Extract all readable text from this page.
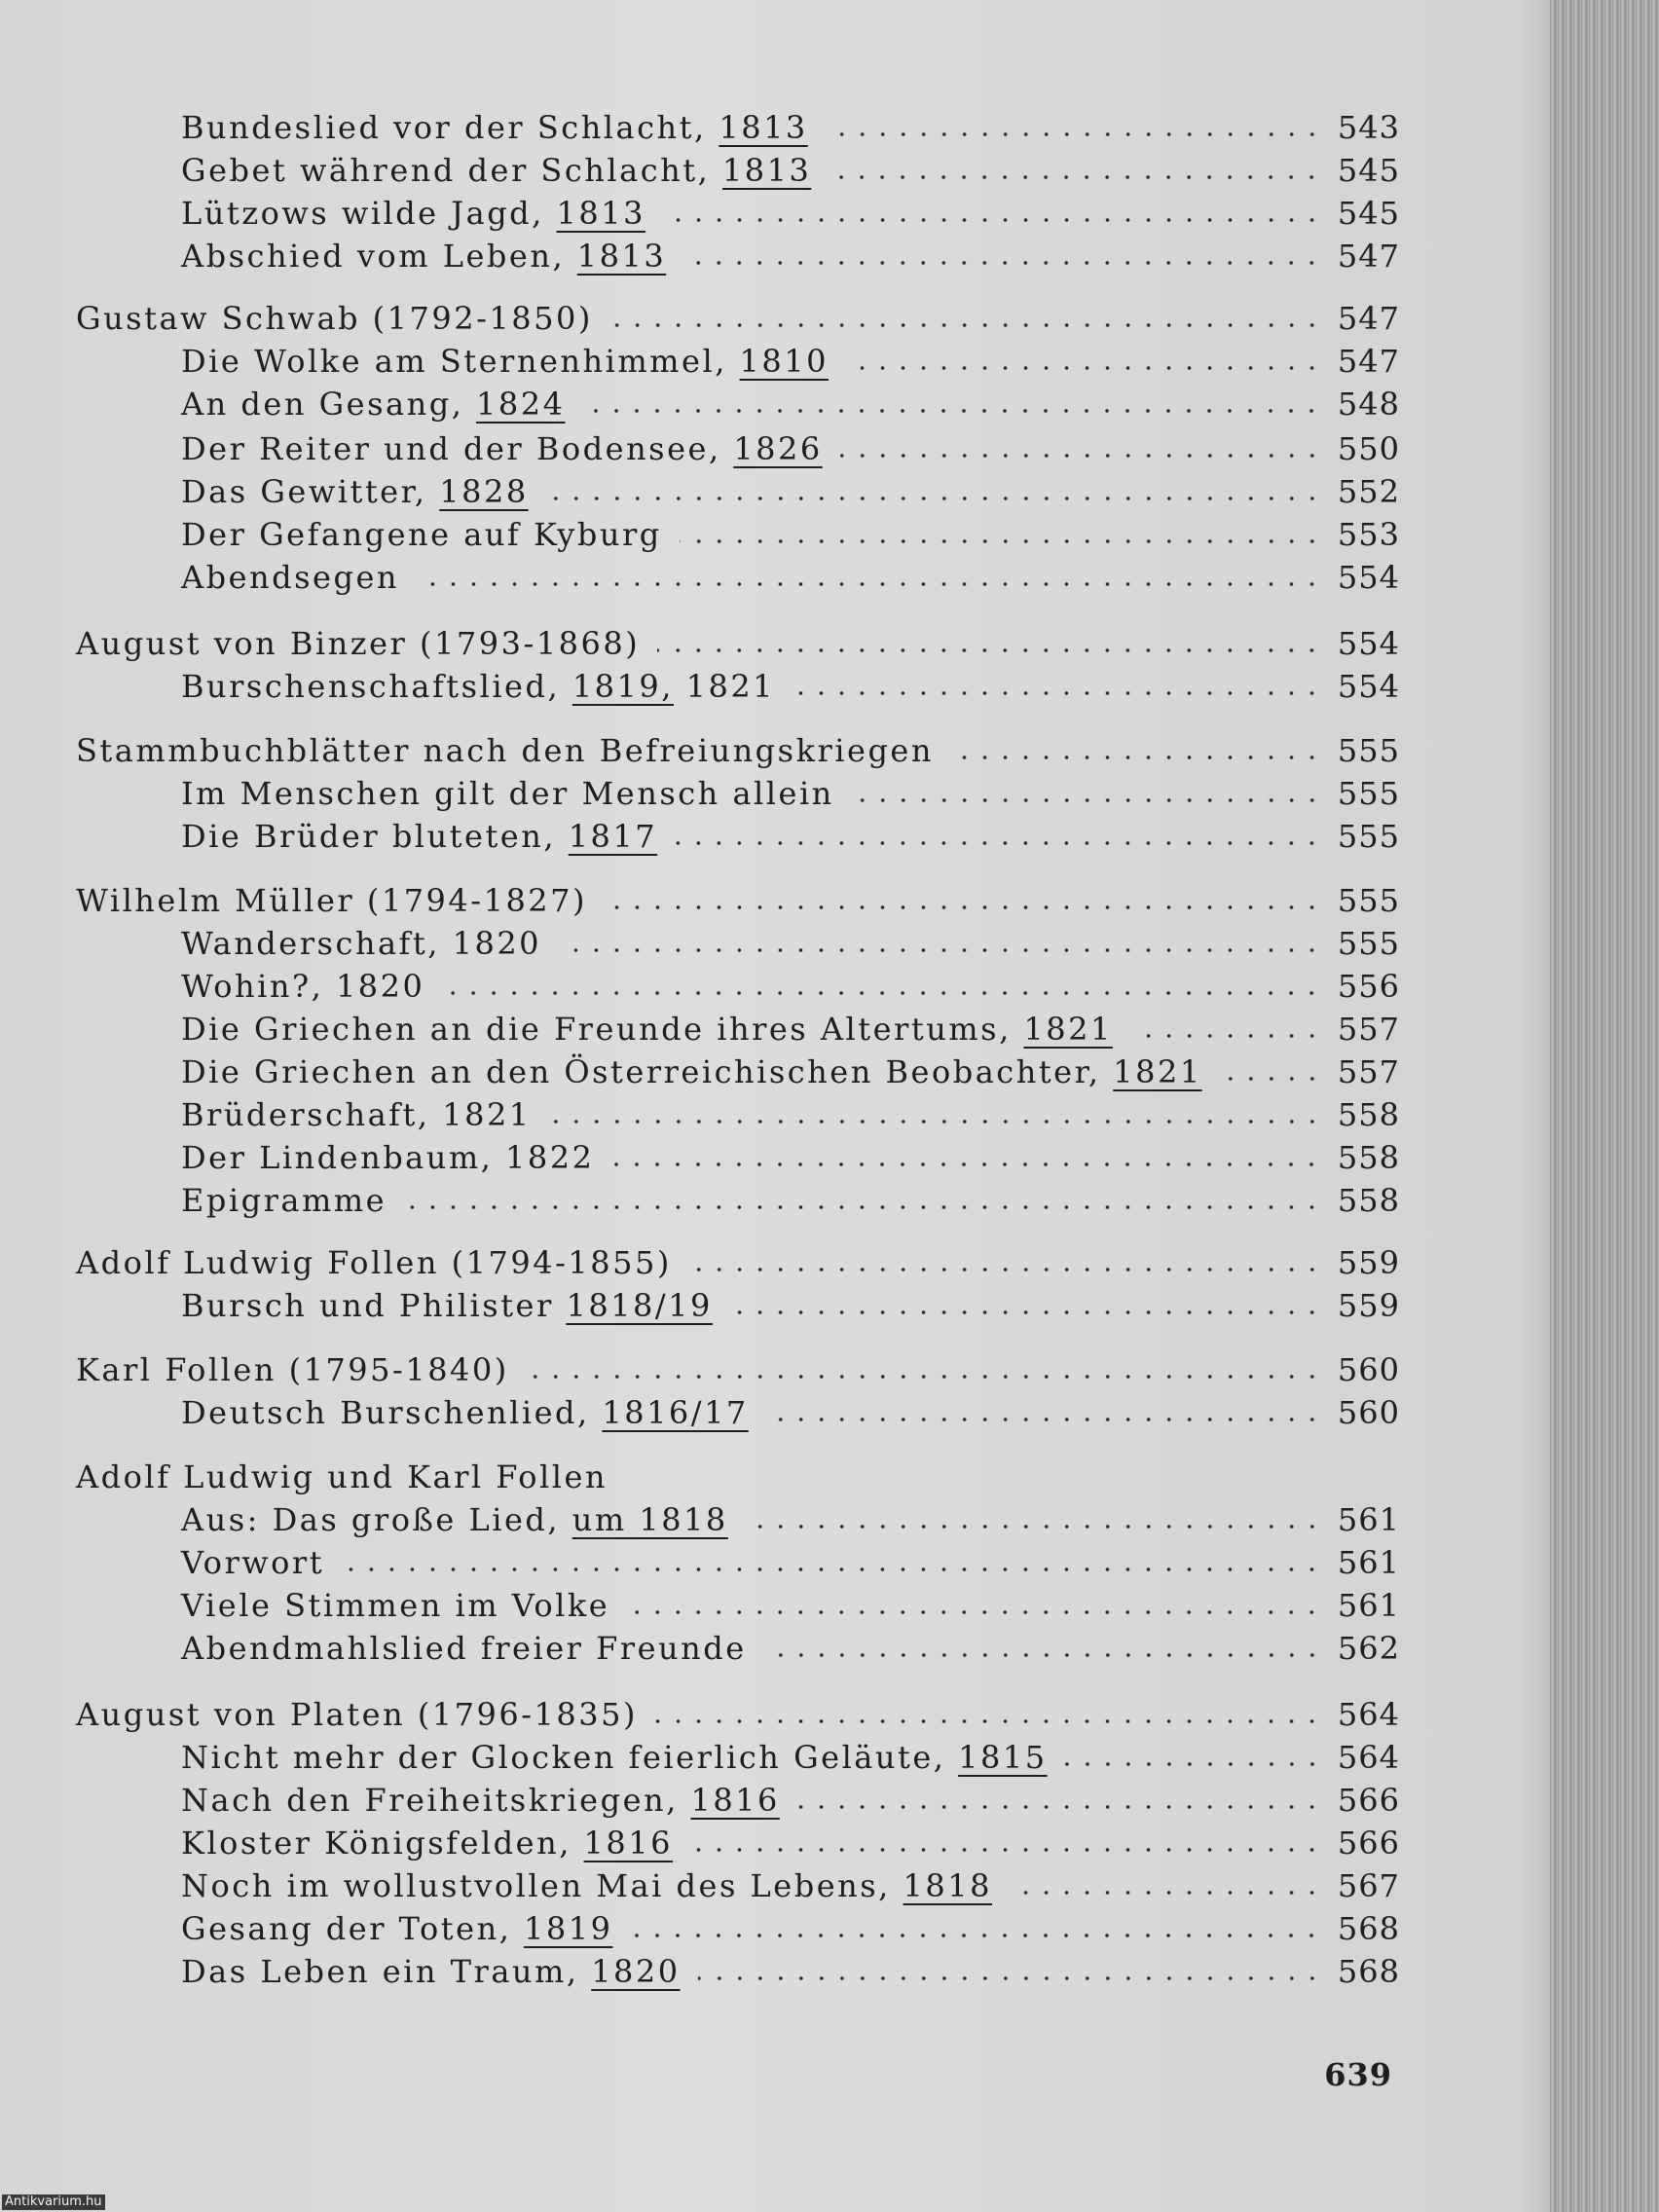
Bundeslied vor der Schlacht, 1813	543
Gebet während der Schlacht, 1813	545
Lützows wilde Jagd, 1813	545
Abschied vom Leben, 1813	547
Gustaw Schwab (1792-1850)	547
Die Wolke am Sternenhimmel, 1810	547
An den Gesang, 1824	548
Der Reiter und der Bodensee, 1826	550
Das Gewitter, 1828	552
Der Gefangene auf Kyburg	553
Abendsegen	554
August von Binzer (1793-1868)	554
Burschenschaftslied, 1819, 1821	554
Stammbuchblätter nach den Befreiungskriegen	555
Im Menschen gilt der Mensch allein	555
Die Brüder bluteten, 1817	555
Wilhelm Müller (1794-1827)	555
Wanderschaft, 1820	555
Wohin?, 1820	556
Die Griechen an die Freunde ihres Altertums, 1821	557
Die Griechen an den Österreichischen Beobachter, 1821	557
Brüderschaft, 1821	558
Der Lindenbaum, 1822	558
Epigramme	558
Adolf Ludwig Follen (1794-1855)	559
Bursch und Philister 1818/19	559
Karl Follen (1795-1840)	560
Deutsch Burschenlied, 1816/17	560
Adolf Ludwig und Karl Follen
Aus: Das große Lied, um 1818	561
Vorwort	561
Viele Stimmen im Volke	561
Abendmahlslied freier Freunde	562
August von Platen (1796-1835)	564
Nicht mehr der Glocken feierlich Geläute, 1815	564
Nach den Freiheitskriegen, 1816	566
Kloster Königsfelden, 1816	566
Noch im wollustvollen Mai des Lebens, 1818	567
Gesang der Toten, 1819	568
Das Leben ein Traum, 1820	568
639
Antikvarium.hu
